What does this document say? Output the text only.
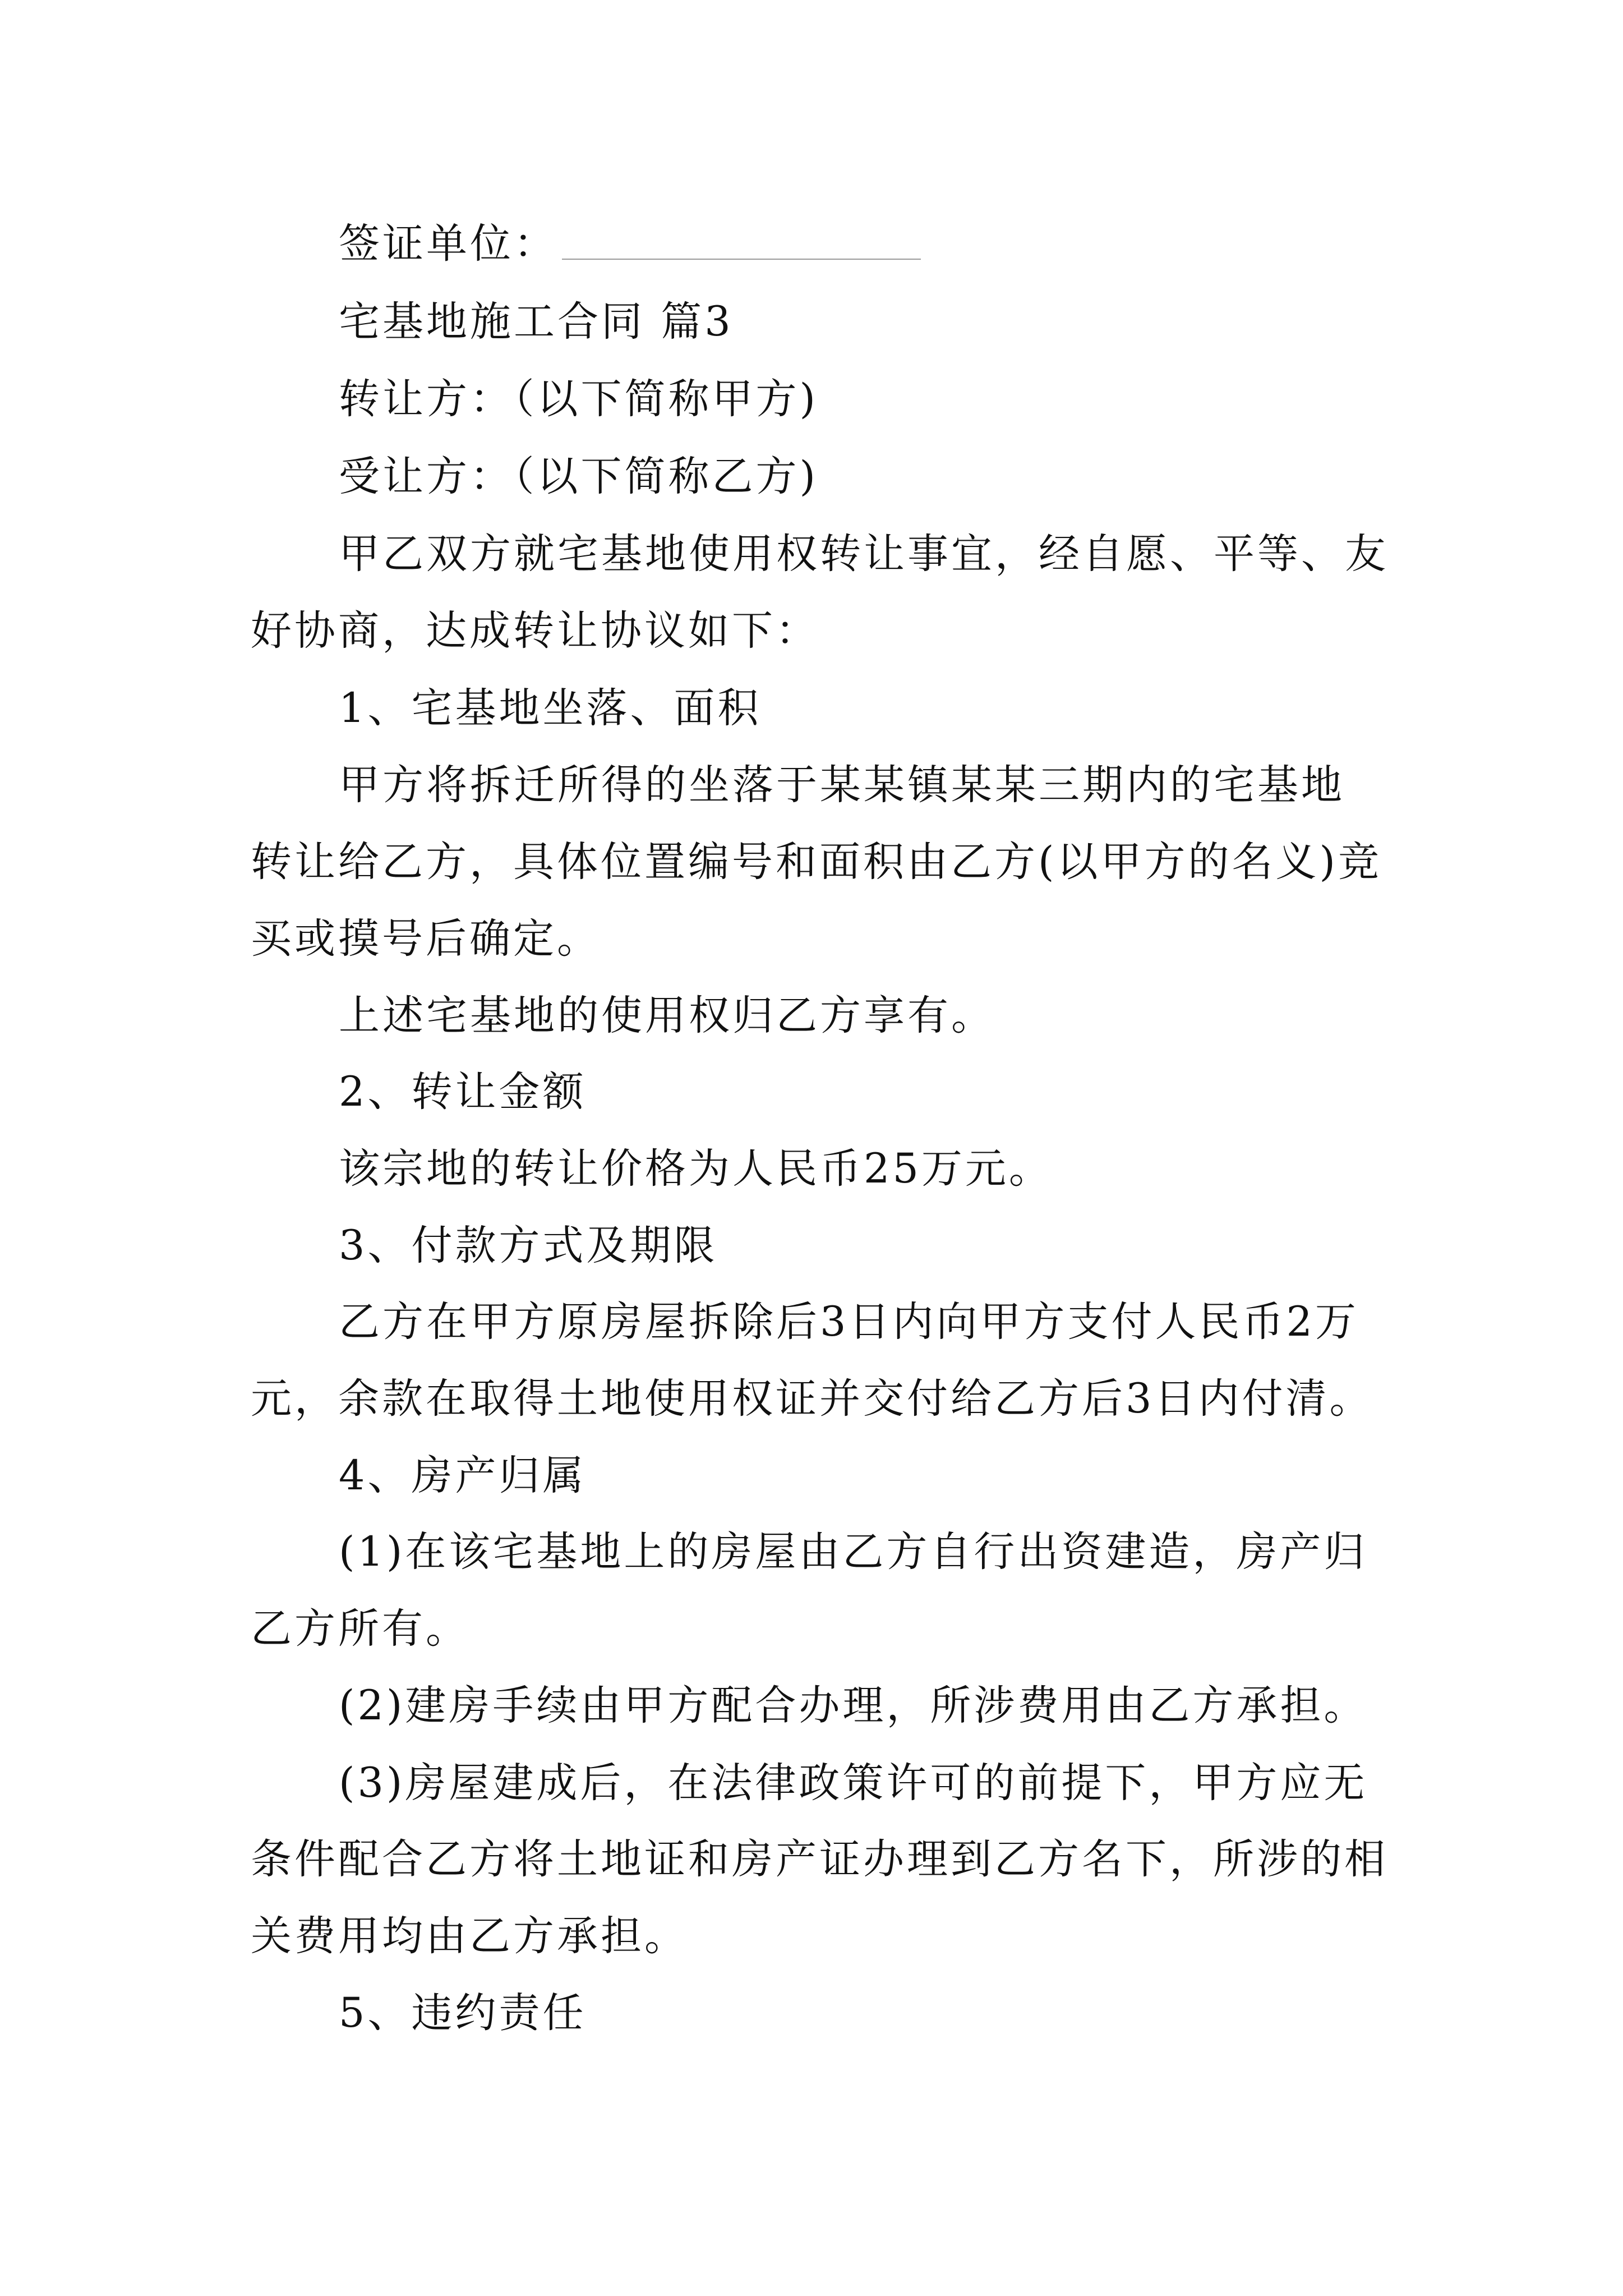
签证单位：
宅基地施工合同 篇3
转让方：（以下简称甲方)
受让方：（以下简称乙方)
甲乙双方就宅基地使用权转让事宜，经自愿、平等、友
好协商，达成转让协议如下：
1、宅基地坐落、面积
甲方将拆迁所得的坐落于某某镇某某三期内的宅基地
转让给乙方，具体位置编号和面积由乙方(以甲方的名义)竞
买或摸号后确定。
上述宅基地的使用权归乙方享有。
2、转让金额
该宗地的转让价格为人民币25万元。
3、付款方式及期限
乙方在甲方原房屋拆除后3日内向甲方支付人民币2万
元，余款在取得土地使用权证并交付给乙方后3日内付清。
4、房产归属
(1)在该宅基地上的房屋由乙方自行出资建造，房产归
乙方所有。
(2)建房手续由甲方配合办理，所涉费用由乙方承担。
(3)房屋建成后，在法律政策许可的前提下，甲方应无
条件配合乙方将土地证和房产证办理到乙方名下，所涉的相
关费用均由乙方承担。
5、违约责任
